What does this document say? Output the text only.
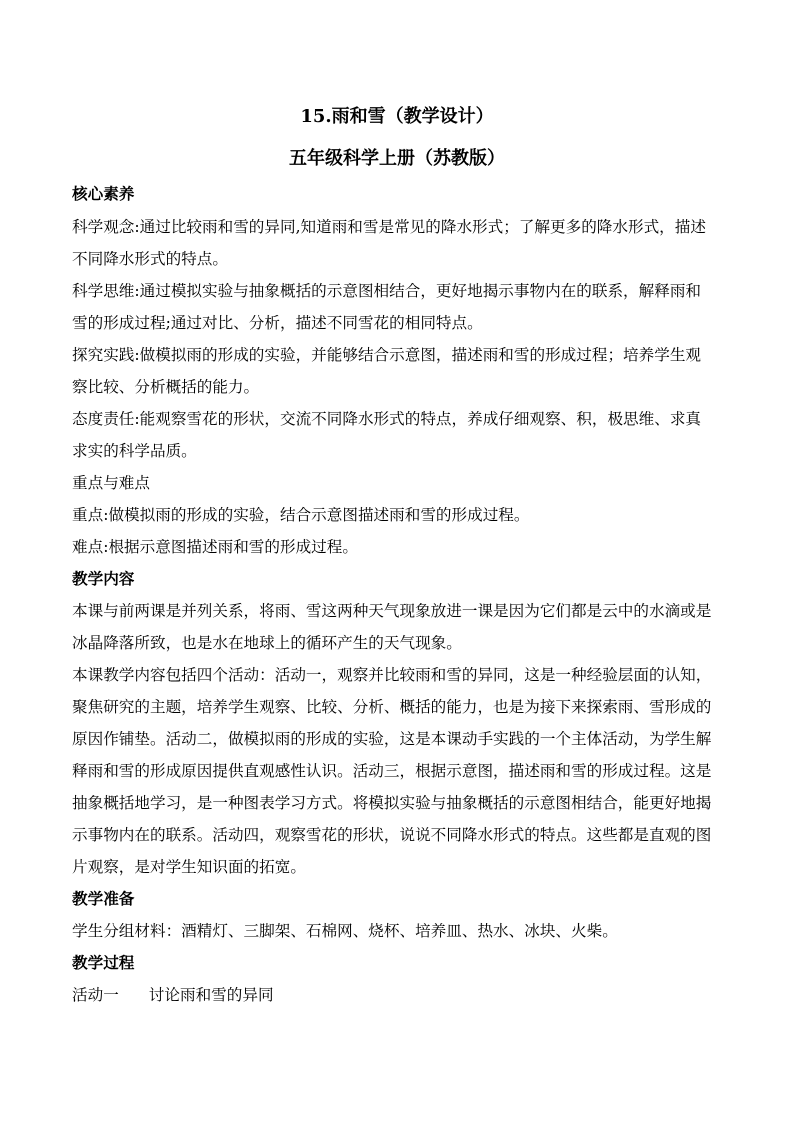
15.雨和雪（教学设计）
五年级科学上册（苏教版）
核心素养
科学观念:通过比较雨和雪的异同,知道雨和雪是常见的降水形式；了解更多的降水形式，描述
不同降水形式的特点。
科学思维:通过模拟实验与抽象概括的示意图相结合，更好地揭示事物内在的联系，解释雨和
雪的形成过程;通过对比、分析，描述不同雪花的相同特点。
探究实践:做模拟雨的形成的实验，并能够结合示意图，描述雨和雪的形成过程；培养学生观
察比较、分析概括的能力。
态度责任:能观察雪花的形状，交流不同降水形式的特点，养成仔细观察、积，极思维、求真
求实的科学品质。
重点与难点
重点:做模拟雨的形成的实验，结合示意图描述雨和雪的形成过程。
难点:根据示意图描述雨和雪的形成过程。
教学内容
本课与前两课是并列关系，将雨、雪这两种天气现象放进一课是因为它们都是云中的水滴或是
冰晶降落所致，也是水在地球上的循环产生的天气现象。
本课教学内容包括四个活动：活动一，观察并比较雨和雪的异同，这是一种经验层面的认知，
聚焦研究的主题，培养学生观察、比较、分析、概括的能力，也是为接下来探索雨、雪形成的
原因作铺垫。活动二，做模拟雨的形成的实验，这是本课动手实践的一个主体活动，为学生解
释雨和雪的形成原因提供直观感性认识。活动三，根据示意图，描述雨和雪的形成过程。这是
抽象概括地学习，是一种图表学习方式。将模拟实验与抽象概括的示意图相结合，能更好地揭
示事物内在的联系。活动四，观察雪花的形状，说说不同降水形式的特点。这些都是直观的图
片观察，是对学生知识面的拓宽。
教学准备
学生分组材料：酒精灯、三脚架、石棉网、烧杯、培养皿、热水、冰块、火柴。
教学过程
活动一 讨论雨和雪的异同
